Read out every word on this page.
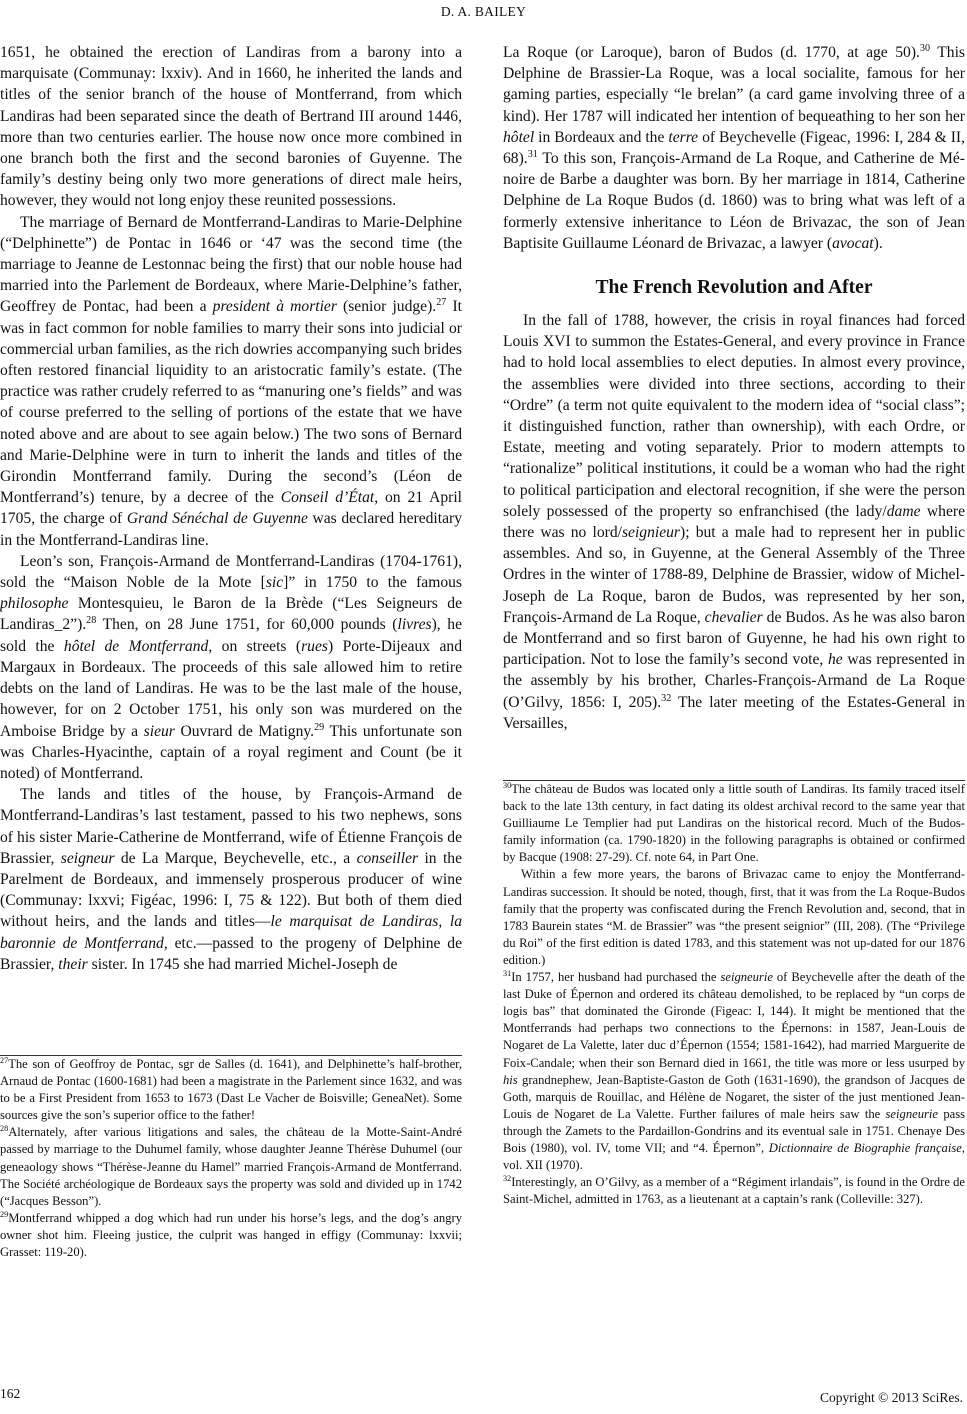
D. A. BAILEY

1651, he obtained the erection of Landiras from a barony into a marquisate (Communay: lxxiv). And in 1660, he inherited the lands and titles of the senior branch of the house of Montferrand, from which Landiras had been separated since the death of Bertrand III around 1446, more than two centuries earlier. The house now once more combined in one branch both the first and the second baronies of Guyenne. The family’s destiny being only two more generations of direct male heirs, however, they would not long enjoy these reunited possessions.

The marriage of Bernard de Montferrand-Landiras to Marie-Delphine (“Delphinette”) de Pontac in 1646 or ‘47 was the second time (the marriage to Jeanne de Lestonnac being the first) that our noble house had married into the Parlement de Bordeaux, where Marie-Delphine’s father, Geoffrey de Pontac, had been a president à mortier (senior judge).$^{27}$ It was in fact common for noble families to marry their sons into judicial or commercial urban families, as the rich dowries accompanying such brides often restored financial liquidity to an aristocratic family’s estate. (The practice was rather crudely referred to as “manuring one’s fields” and was of course preferred to the selling of portions of the estate that we have noted above and are about to see again below.) The two sons of Bernard and Marie-Delphine were in turn to inherit the lands and titles of the Girondin Montferrand family. During the second’s (Léon de Montferrand’s) tenure, by a decree of the Conseil d’État, on 21 April 1705, the charge of Grand Sénéchal de Guyenne was declared hereditary in the Montferrand-Landiras line.

Leon’s son, François-Armand de Montferrand-Landiras (1704-1761), sold the “Maison Noble de la Mote [sic]” in 1750 to the famous philosophe Montesquieu, le Baron de la Brède (“Les Seigneurs de Landiras_2”).$^{28}$ Then, on 28 June 1751, for 60,000 pounds (livres), he sold the hôtel de Montferrand, on streets (rues) Porte-Dijeaux and Margaux in Bordeaux. The proceeds of this sale allowed him to retire debts on the land of Landiras. He was to be the last male of the house, however, for on 2 October 1751, his only son was murdered on the Amboise Bridge by a sieur Ouvrard de Matigny.$^{29}$ This unfortunate son was Charles-Hyacinthe, captain of a royal regiment and Count (be it noted) of Montferrand.

The lands and titles of the house, by François-Armand de Montferrand-Landiras’s last testament, passed to his two nephews, sons of his sister Marie-Catherine de Montferrand, wife of Étienne François de Brassier, seigneur de La Marque, Beychevelle, etc., a conseiller in the Parelment de Bordeaux, and immensely prosperous producer of wine (Communay: lxxvi; Figéac, 1996: I, 75 & 122). But both of them died without heirs, and the lands and titles—le marquisat de Landiras, la baronnie de Montferrand, etc.—passed to the progeny of Delphine de Brassier, their sister. In 1745 she had married Michel-Joseph de

$^{27}$The son of Geoffroy de Pontac, sgr de Salles (d. 1641), and Delphinette’s half-brother, Arnaud de Pontac (1600-1681) had been a magistrate in the Parlement since 1632, and was to be a First President from 1653 to 1673 (Dast Le Vacher de Boisville; GeneaNet). Some sources give the son’s superior office to the father!

$^{28}$Alternately, after various litigations and sales, the château de la Motte-Saint-André passed by marriage to the Duhumel family, whose daughter Jeanne Thérèse Duhumel (our geneaology shows “Thérèse-Jeanne du Hamel” married François-Armand de Montferrand. The Société archéologique de Bordeaux says the property was sold and divided up in 1742 (“Jacques Besson”).

$^{29}$Montferrand whipped a dog which had run under his horse’s legs, and the dog’s angry owner shot him. Fleeing justice, the culprit was hanged in effigy (Communay: lxxvii; Grasset: 119-20).

La Roque (or Laroque), baron of Budos (d. 1770, at age 50).$^{30}$ This Delphine de Brassier-La Roque, was a local socialite, famous for her gaming parties, especially “le brelan” (a card game involving three of a kind). Her 1787 will indicated her intention of bequeathing to her son her hôtel in Bordeaux and the terre of Beychevelle (Figeac, 1996: I, 284 & II, 68).$^{31}$ To this son, François-Armand de La Roque, and Catherine de Ménoire de Barbe a daughter was born. By her marriage in 1814, Catherine Delphine de La Roque Budos (d. 1860) was to bring what was left of a formerly extensive inheritance to Léon de Brivazac, the son of Jean Baptisite Guillaume Léonard de Brivazac, a lawyer (avocat).

The French Revolution and After

In the fall of 1788, however, the crisis in royal finances had forced Louis XVI to summon the Estates-General, and every province in France had to hold local assemblies to elect deputies. In almost every province, the assemblies were divided into three sections, according to their “Ordre” (a term not quite equivalent to the modern idea of “social class”; it distinguished function, rather than ownership), with each Ordre, or Estate, meeting and voting separately. Prior to modern attempts to “rationalize” political institutions, it could be a woman who had the right to political participation and electoral recognition, if she were the person solely possessed of the property so enfranchised (the lady/dame where there was no lord/seignieur); but a male had to represent her in public assembles. And so, in Guyenne, at the General Assembly of the Three Ordres in the winter of 1788-89, Delphine de Brassier, widow of Michel-Joseph de La Roque, baron de Budos, was represented by her son, François-Armand de La Roque, chevalier de Budos. As he was also baron de Montferrand and so first baron of Guyenne, he had his own right to participation. Not to lose the family’s second vote, he was represented in the assembly by his brother, Charles-François-Armand de La Roque (O’Gilvy, 1856: I, 205).$^{32}$ The later meeting of the Estates-General in Versailles,

$^{30}$The château de Budos was located only a little south of Landiras. Its family traced itself back to the late 13th century, in fact dating its oldest archival record to the same year that Guilliaume Le Templier had put Landiras on the historical record. Much of the Budos-family information (ca. 1790-1820) in the following paragraphs is obtained or confirmed by Bacque (1908: 27-29). Cf. note 64, in Part One.

Within a few more years, the barons of Brivazac came to enjoy the Montferrand-Landiras succession. It should be noted, though, first, that it was from the La Roque-Budos family that the property was confiscated during the French Revolution and, second, that in 1783 Baurein states “M. de Brassier” was “the present seignior” (III, 208). (The “Privilege du Roi” of the first edition is dated 1783, and this statement was not up-dated for our 1876 edition.)

$^{31}$In 1757, her husband had purchased the seigneurie of Beychevelle after the death of the last Duke of Épernon and ordered its château demolished, to be replaced by “un corps de logis bas” that dominated the Gironde (Figeac: I, 144). It might be mentioned that the Montferrands had perhaps two connections to the Épernons: in 1587, Jean-Louis de Nogaret de La Valette, later duc d’Épernon (1554; 1581-1642), had married Marguerite de Foix-Candale; when their son Bernard died in 1661, the title was more or less usurped by his grandnephew, Jean-Baptiste-Gaston de Goth (1631-1690), the grandson of Jacques de Goth, marquis de Rouillac, and Hélène de Nogaret, the sister of the just mentioned Jean-Louis de Nogaret de La Valette. Further failures of male heirs saw the seigneurie pass through the Zamets to the Pardaillon-Gondrins and its eventual sale in 1751. Chenaye Des Bois (1980), vol. IV, tome VII; and “4. Épernon”, Dictionnaire de Biographie française, vol. XII (1970).

$^{32}$Interestingly, an O’Gilvy, as a member of a “Régiment irlandais”, is found in the Ordre de Saint-Michel, admitted in 1763, as a lieutenant at a captain’s rank (Colleville: 327).

162	Copyright © 2013 SciRes.
